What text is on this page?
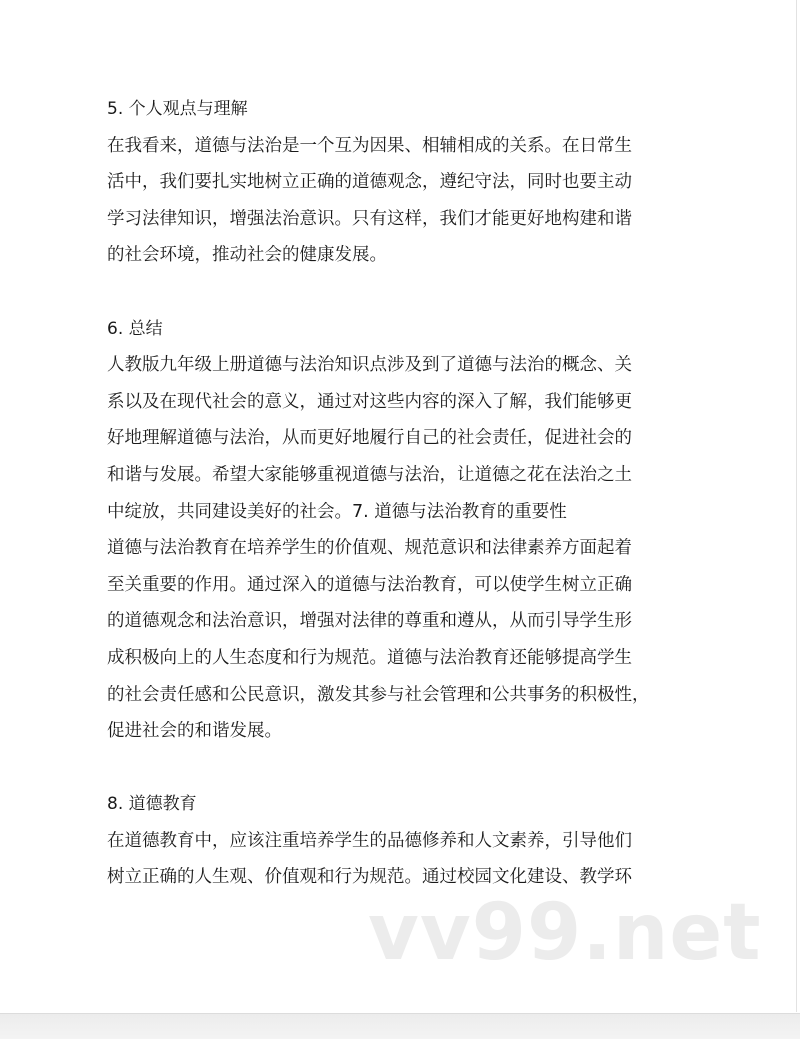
5. 个人观点与理解
在我看来，道德与法治是一个互为因果、相辅相成的关系。在日常生
活中，我们要扎实地树立正确的道德观念，遵纪守法，同时也要主动
学习法律知识，增强法治意识。只有这样，我们才能更好地构建和谐
的社会环境，推动社会的健康发展。
6. 总结
人教版九年级上册道德与法治知识点涉及到了道德与法治的概念、关
系以及在现代社会的意义，通过对这些内容的深入了解，我们能够更
好地理解道德与法治，从而更好地履行自己的社会责任，促进社会的
和谐与发展。希望大家能够重视道德与法治，让道德之花在法治之土
中绽放，共同建设美好的社会。7. 道德与法治教育的重要性
道德与法治教育在培养学生的价值观、规范意识和法律素养方面起着
至关重要的作用。通过深入的道德与法治教育，可以使学生树立正确
的道德观念和法治意识，增强对法律的尊重和遵从，从而引导学生形
成积极向上的人生态度和行为规范。道德与法治教育还能够提高学生
的社会责任感和公民意识，激发其参与社会管理和公共事务的积极性，
促进社会的和谐发展。
8. 道德教育
在道德教育中，应该注重培养学生的品德修养和人文素养，引导他们
树立正确的人生观、价值观和行为规范。通过校园文化建设、教学环
vv99.net
